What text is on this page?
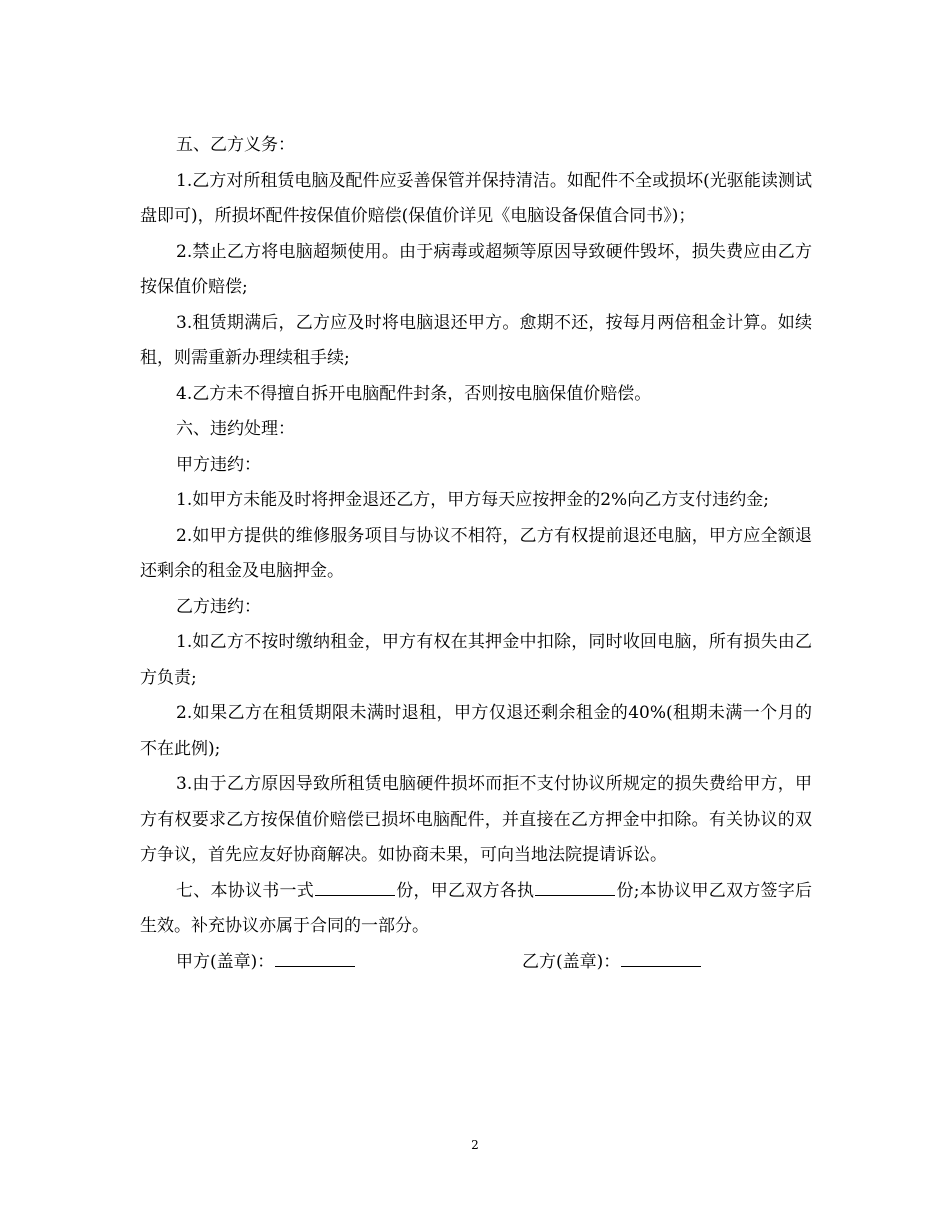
五、乙方义务：

1.乙方对所租赁电脑及配件应妥善保管并保持清洁。如配件不全或损坏(光驱能读测试盘即可)，所损坏配件按保值价赔偿(保值价详见《电脑设备保值合同书》)；

2.禁止乙方将电脑超频使用。由于病毒或超频等原因导致硬件毁坏，损失费应由乙方按保值价赔偿;

3.租赁期满后，乙方应及时将电脑退还甲方。愈期不还，按每月两倍租金计算。如续租，则需重新办理续租手续;

4.乙方未不得擅自拆开电脑配件封条，否则按电脑保值价赔偿。

六、违约处理：

甲方违约：

1.如甲方未能及时将押金退还乙方，甲方每天应按押金的2%向乙方支付违约金;

2.如甲方提供的维修服务项目与协议不相符，乙方有权提前退还电脑，甲方应全额退还剩余的租金及电脑押金。

乙方违约：

1.如乙方不按时缴纳租金，甲方有权在其押金中扣除，同时收回电脑，所有损失由乙方负责;

2.如果乙方在租赁期限未满时退租，甲方仅退还剩余租金的40%(租期未满一个月的不在此例);

3.由于乙方原因导致所租赁电脑硬件损坏而拒不支付协议所规定的损失费给甲方，甲方有权要求乙方按保值价赔偿已损坏电脑配件，并直接在乙方押金中扣除。有关协议的双方争议，首先应友好协商解决。如协商未果，可向当地法院提请诉讼。

七、本协议书一式	份，甲乙双方各执	份;本协议甲乙双方签字后生效。补充协议亦属于合同的一部分。

甲方(盖章)：	乙方(盖章)：
2
